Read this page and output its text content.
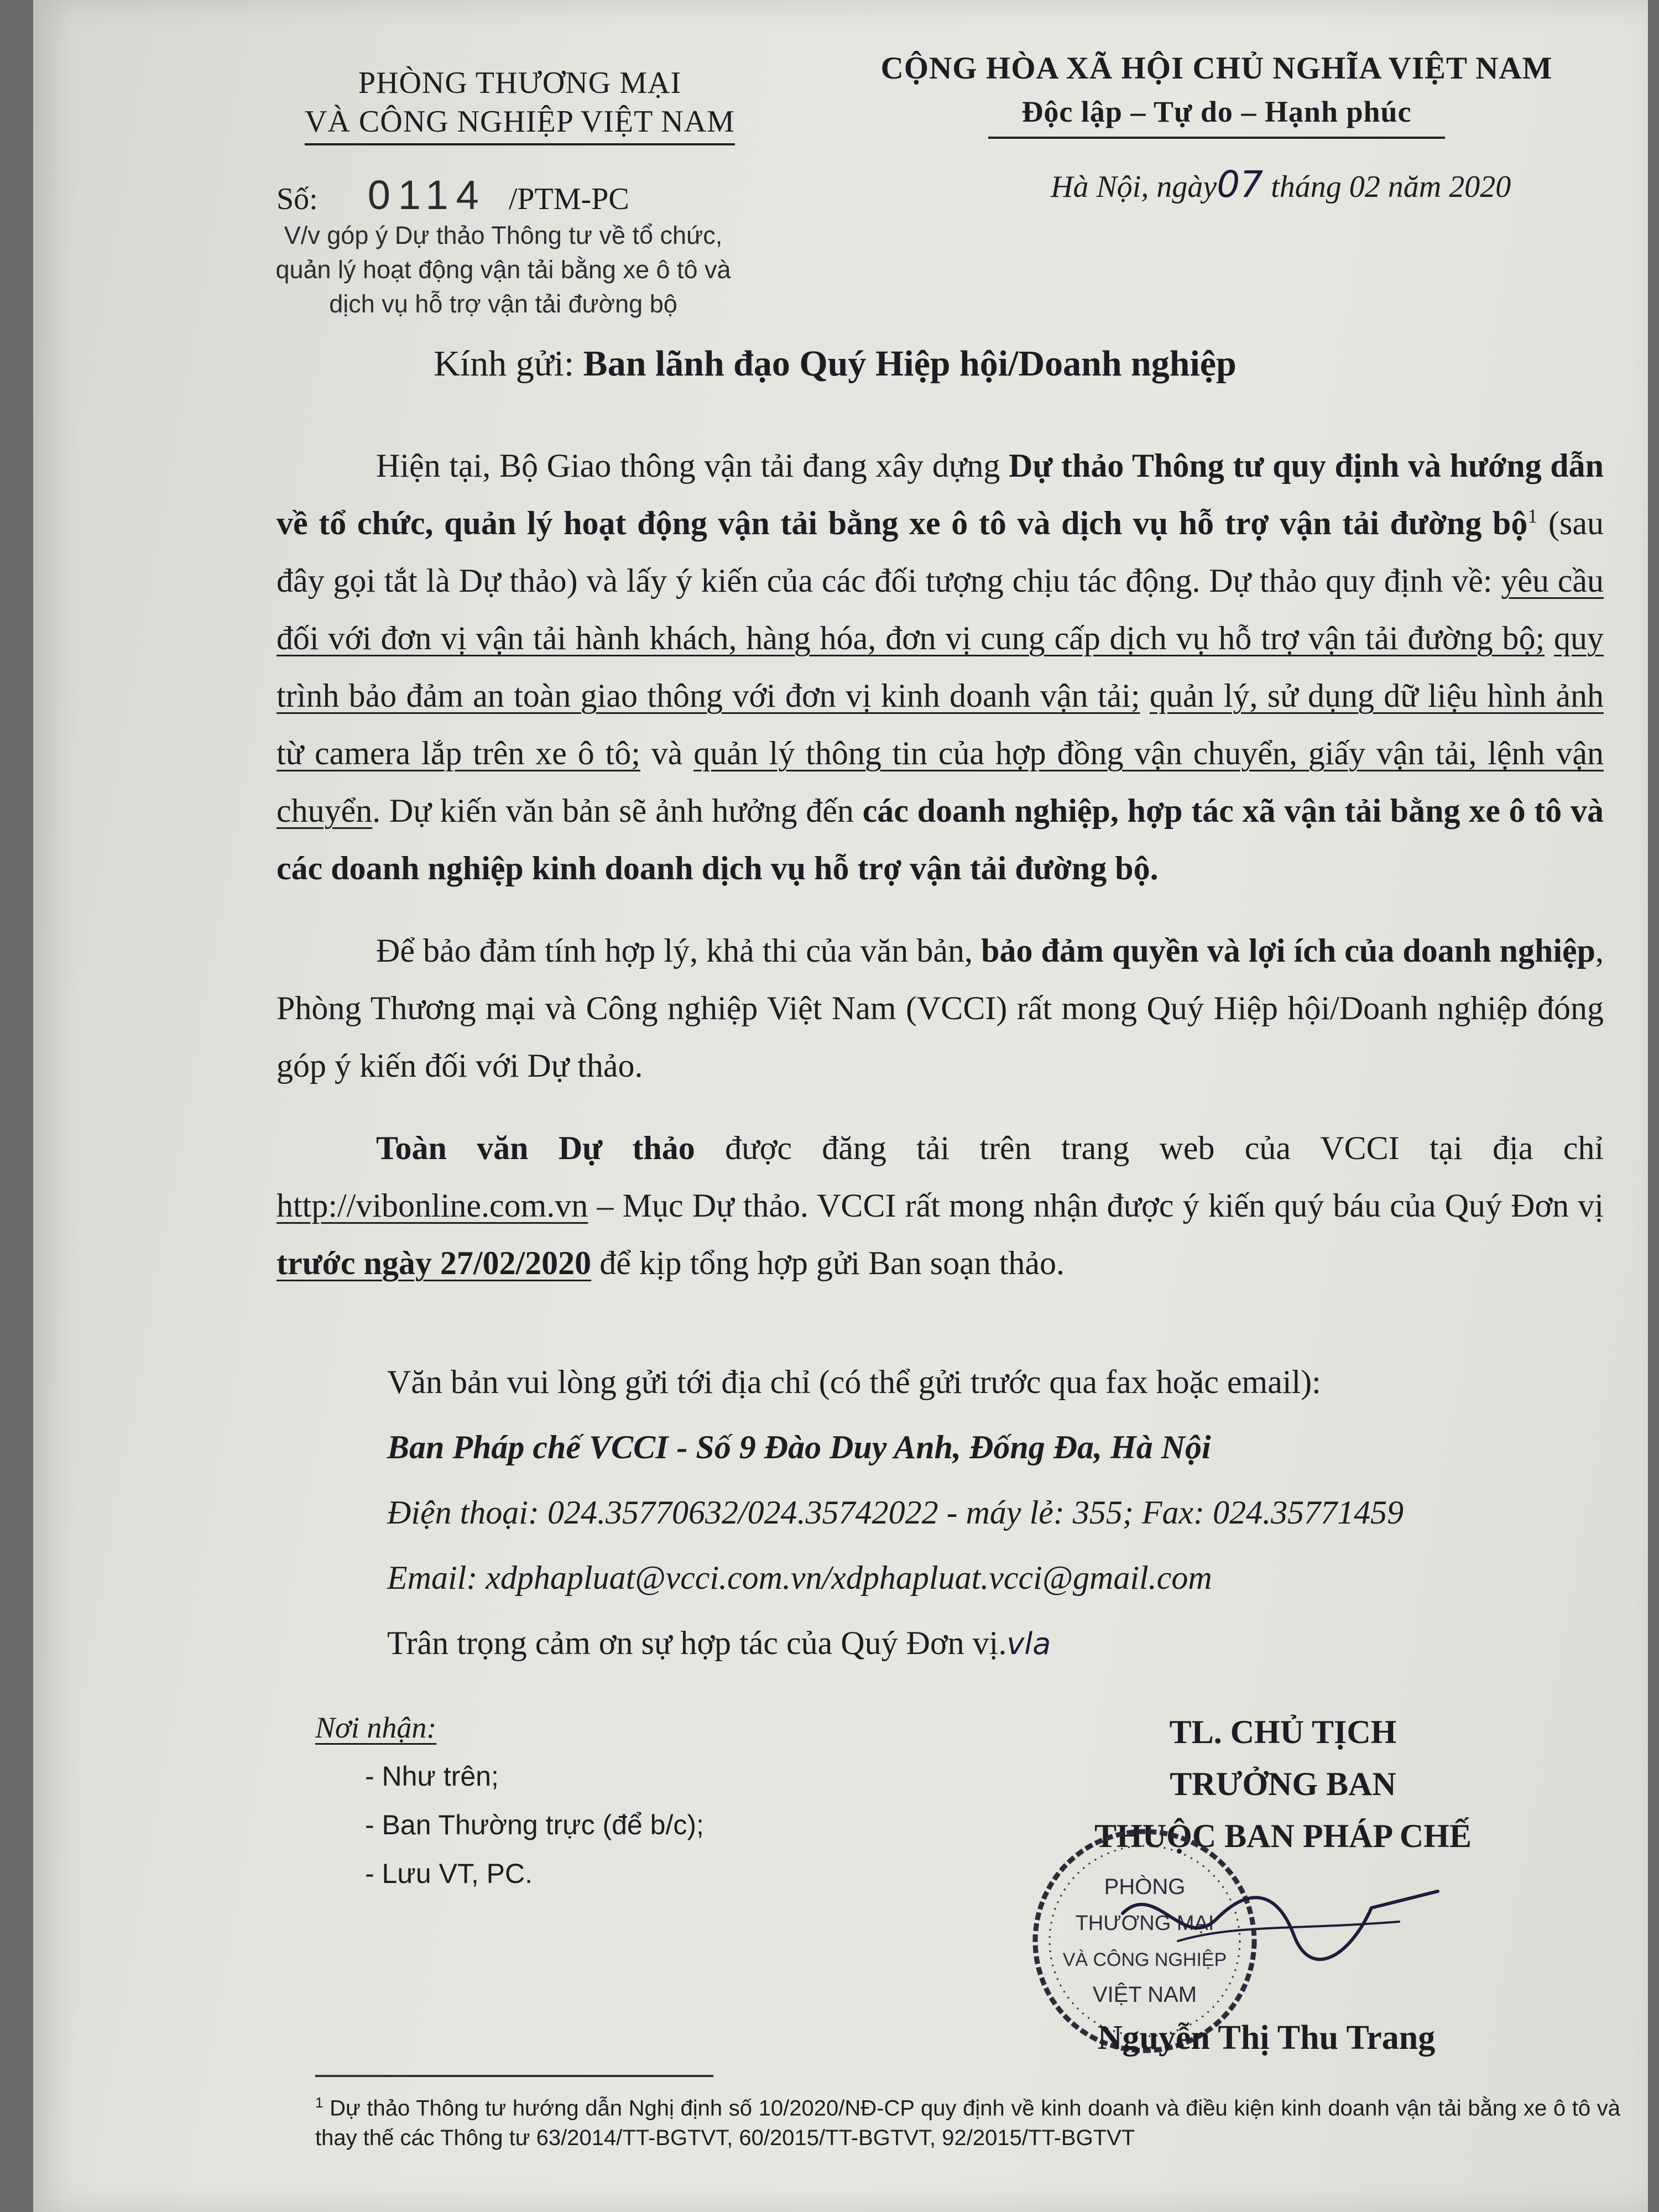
PHÒNG THƯƠNG MẠI
VÀ CÔNG NGHIỆP VIỆT NAM
CỘNG HÒA XÃ HỘI CHỦ NGHĨA VIỆT NAM
Độc lập – Tự do – Hạnh phúc
Số: 0114 /PTM-PC	Hà Nội, ngày07 tháng 02 năm 2020
V/v góp ý Dự thảo Thông tư về tổ chức,
quản lý hoạt động vận tải bằng xe ô tô và
dịch vụ hỗ trợ vận tải đường bộ
Kính gửi: Ban lãnh đạo Quý Hiệp hội/Doanh nghiệp

Hiện tại, Bộ Giao thông vận tải đang xây dựng Dự thảo Thông tư quy định và hướng dẫn về tổ chức, quản lý hoạt động vận tải bằng xe ô tô và dịch vụ hỗ trợ vận tải đường bộ$^1$ (sau đây gọi tắt là Dự thảo) và lấy ý kiến của các đối tượng chịu tác động. Dự thảo quy định về: yêu cầu đối với đơn vị vận tải hành khách, hàng hóa, đơn vị cung cấp dịch vụ hỗ trợ vận tải đường bộ; quy trình bảo đảm an toàn giao thông với đơn vị kinh doanh vận tải; quản lý, sử dụng dữ liệu hình ảnh từ camera lắp trên xe ô tô; và quản lý thông tin của hợp đồng vận chuyển, giấy vận tải, lệnh vận chuyển. Dự kiến văn bản sẽ ảnh hưởng đến các doanh nghiệp, hợp tác xã vận tải bằng xe ô tô và các doanh nghiệp kinh doanh dịch vụ hỗ trợ vận tải đường bộ.

Để bảo đảm tính hợp lý, khả thi của văn bản, bảo đảm quyền và lợi ích của doanh nghiệp, Phòng Thương mại và Công nghiệp Việt Nam (VCCI) rất mong Quý Hiệp hội/Doanh nghiệp đóng góp ý kiến đối với Dự thảo.

Toàn văn Dự thảo được đăng tải trên trang web của VCCI tại địa chỉ http://vibonline.com.vn – Mục Dự thảo. VCCI rất mong nhận được ý kiến quý báu của Quý Đơn vị trước ngày 27/02/2020 để kịp tổng hợp gửi Ban soạn thảo.

Văn bản vui lòng gửi tới địa chỉ (có thể gửi trước qua fax hoặc email):
Ban Pháp chế VCCI - Số 9 Đào Duy Anh, Đống Đa, Hà Nội
Điện thoại: 024.35770632/024.35742022 - máy lẻ: 355; Fax: 024.35771459
Email: xdphapluat@vcci.com.vn/xdphapluat.vcci@gmail.com
Trân trọng cảm ơn sự hợp tác của Quý Đơn vị.vla
Nơi nhận:
- Như trên;
- Ban Thường trực (để b/c);
- Lưu VT, PC.
TL. CHỦ TỊCH
TRƯỞNG BAN
THUỘC BAN PHÁP CHẾ
PHÒNG
THƯƠNG MẠI
VÀ CÔNG NGHIỆP
VIỆT NAM
Nguyễn Thị Thu Trang
$^1$ Dự thảo Thông tư hướng dẫn Nghị định số 10/2020/NĐ-CP quy định về kinh doanh và điều kiện kinh doanh vận tải bằng xe ô tô và thay thế các Thông tư 63/2014/TT-BGTVT, 60/2015/TT-BGTVT, 92/2015/TT-BGTVT
